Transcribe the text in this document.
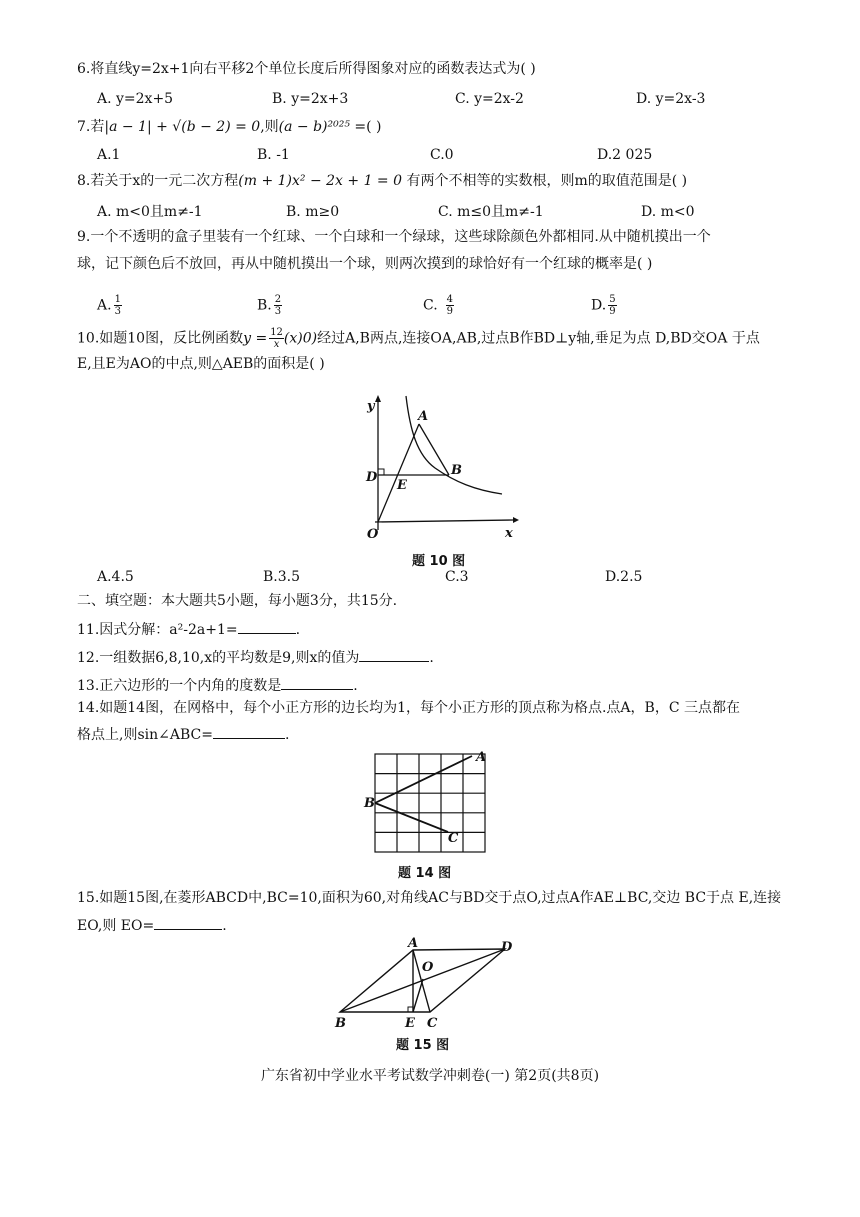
6.将直线y=2x+1向右平移2个单位长度后所得图象对应的函数表达式为( )
A. y=2x+5	B. y=2x+3	C. y=2x-2	D. y=2x-3
7.若|a − 1| + √(b − 2) = 0,则(a − b)²⁰²⁵ =( )
A.1	B. -1	C.0	D.2 025
8.若关于x的一元二次方程(m + 1)x² − 2x + 1 = 0 有两个不相等的实数根，则m的取值范围是( )
A. m<0且m≠-1	B. m≥0	C. m≤0且m≠-1	D. m<0
9.一个不透明的盒子里装有一个红球、一个白球和一个绿球，这些球除颜色外都相同.从中随机摸出一个
球，记下颜色后不放回，再从中随机摸出一个球，则两次摸到的球恰好有一个红球的概率是( )
A. $\frac{1}{3}$	B. $\frac{2}{3}$	C. $\frac{4}{9}$	D. $\frac{5}{9}$
10.如题10图，反比例函数$y = \frac{12}{x} (x)0$)经过A,B两点,连接OA,AB,过点B作BD⊥y轴,垂足为点 D,BD交OA 于点
E,且E为AO的中点,则△AEB的面积是( )
y
x
O
A
B
D
E
题 10 图
A.4.5	B.3.5	C.3	D.2.5
二、填空题：本大题共5小题，每小题3分，共15分.
11.因式分解：a²-2a+1=	.
12.一组数据6,8,10,x的平均数是9,则x的值为	.
13.正六边形的一个内角的度数是	.
14.如题14图，在网格中，每个小正方形的边长均为1，每个小正方形的顶点称为格点.点A，B，C 三点都在
格点上,则sin∠ABC=	.
A
B
C
题 14 图
15.如题15图,在菱形ABCD中,BC=10,面积为60,对角线AC与BD交于点O,过点A作AE⊥BC,交边 BC于点 E,连接
EO,则 EO=	.
A
B	C
D
E
O
题 15 图
广东省初中学业水平考试数学冲刺卷(一) 第2页(共8页)
